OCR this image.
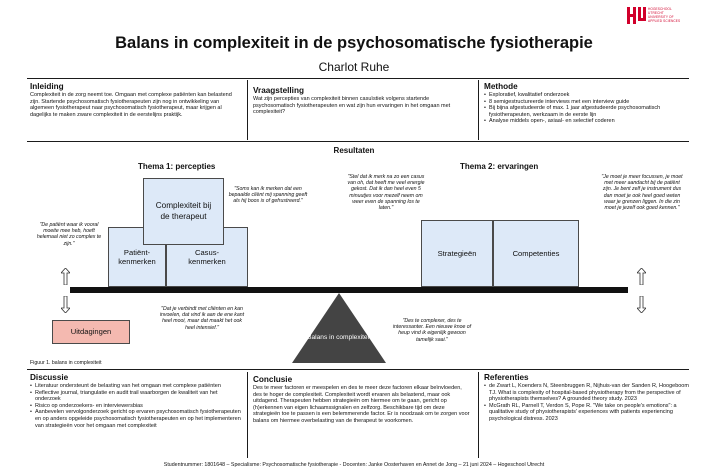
HOGESCHOOL
UTRECHT
UNIVERSITY OF
APPLIED SCIENCES
Balans in complexiteit in de psychosomatische fysiotherapie
Charlot Ruhe
Inleiding

Complexiteit in de zorg neemt toe. Omgaan met complexe patiënten kan belastend zijn. Startende psychosomatisch fysiotherapeuten zijn nog in ontwikkeling van algemeen fysiotherapeut naar psychosomatisch fysiotherapeut, maar krijgen al dagelijks te maken zware complexiteit in de eerstelijns praktijk.

Vraagstelling

Wat zijn percepties van complexiteit binnen casuïstiek volgens startende psychosomatisch fysiotherapeuten en wat zijn hun ervaringen in het omgaan met complexiteit?

Methode
• Exploratief, kwalitatief onderzoek
• 8 semigestructureerde interviews met een interview guide
• Bij bijna afgestudeerde of max. 1 jaar afgestudeerde psychosomatisch fysiotherapeuten, werkzaam in de eerste lijn
• Analyse middels open-, axiaal- en selectief coderen
Resultaten
Thema 1: percepties	Thema 2: ervaringen
Patiënt-kenmerken
Casus-kenmerken
Complexiteit bij de therapeut
Strategieën	Competenties
Uitdagingen
"Soms kan ik merken dat een bepaalde cliënt mij spanning geeft als hij boos is of gefrustreerd."
"De patiënt waar ik vooral moeite mee heb, hoeft helemaal niet zo complex te zijn."
"Stel dat ik merk na zo een casus van oh, dat heeft me veel energie gekost. Dat ik dan heel even 5 minuutjes voor mezelf neem om weer even de spanning los te laten."
"Je moet je meer focussen, je moet met meer aandacht bij de patiënt zijn. Je bent zelf je instrument dus dan moet je ook heel goed weten waar je grenzen liggen. In die zin moet je jezelf ook goed kennen."
"Dat je verbindt met cliënten en kan invoelen, dat vind ik aan de ene kant heel mooi, maar dat maakt het ook heel intensief."
"Des te complexer, des te interessanter. Een nieuwe knoe of heup vind ik eigenlijk gewoon tamelijk saai."
Balans in complexiteit
Figuur 1. balans in complexiteit
Discussie
• Literatuur ondersteunt de belasting van het omgaan met complexe patiënten
• Reflective journal, triangulatie en audit trail waarborgen de kwaliteit van het onderzoek
• Risico op onderzoekers- en interviewersbias
• Aanbevelen vervolgonderzoek gericht op ervaren psychosomatisch fysiotherapeuten en op anders opgeleide psychosomatisch fysiotherapeuten en op het implementeren van strategieën voor het omgaan met complexiteit
Conclusie

Des te meer factoren er meespelen en des te meer deze factoren elkaar beïnvloeden, des te hoger de complexiteit. Complexiteit wordt ervaren als belastend, maar ook uitdagend. Therapeuten hebben strategieën om hiermee om te gaan, gericht op (h)erkennen van eigen lichaamssignalen en zelfzorg. Beschikbare tijd om deze strategieën toe te passen is een belemmerende factor. Er is noodzaak om te zorgen voor balans om hiermee overbelasting van de therapeut te voorkomen.

Referenties
• de Zwart L, Koenders N, Steenbruggen R, Nijhuis-van der Sanden R, Hoogeboom TJ. What is complexity of hospital-based physiotherapy from the perspective of physiotherapists themselves? A grounded theory study. 2023
• McGrath RL, Parnell T, Verdon S, Pope R. "We take on people's emotions": a qualitative study of physiotherapists' experiences with patients experiencing psychological distress. 2023
Studentnummer: 1801648 – Specialisme: Psychosomatische fysiotherapie - Docenten: Janke Oosterhaven en Annet de Jong – 21 juni 2024 – Hogeschool Utrecht
